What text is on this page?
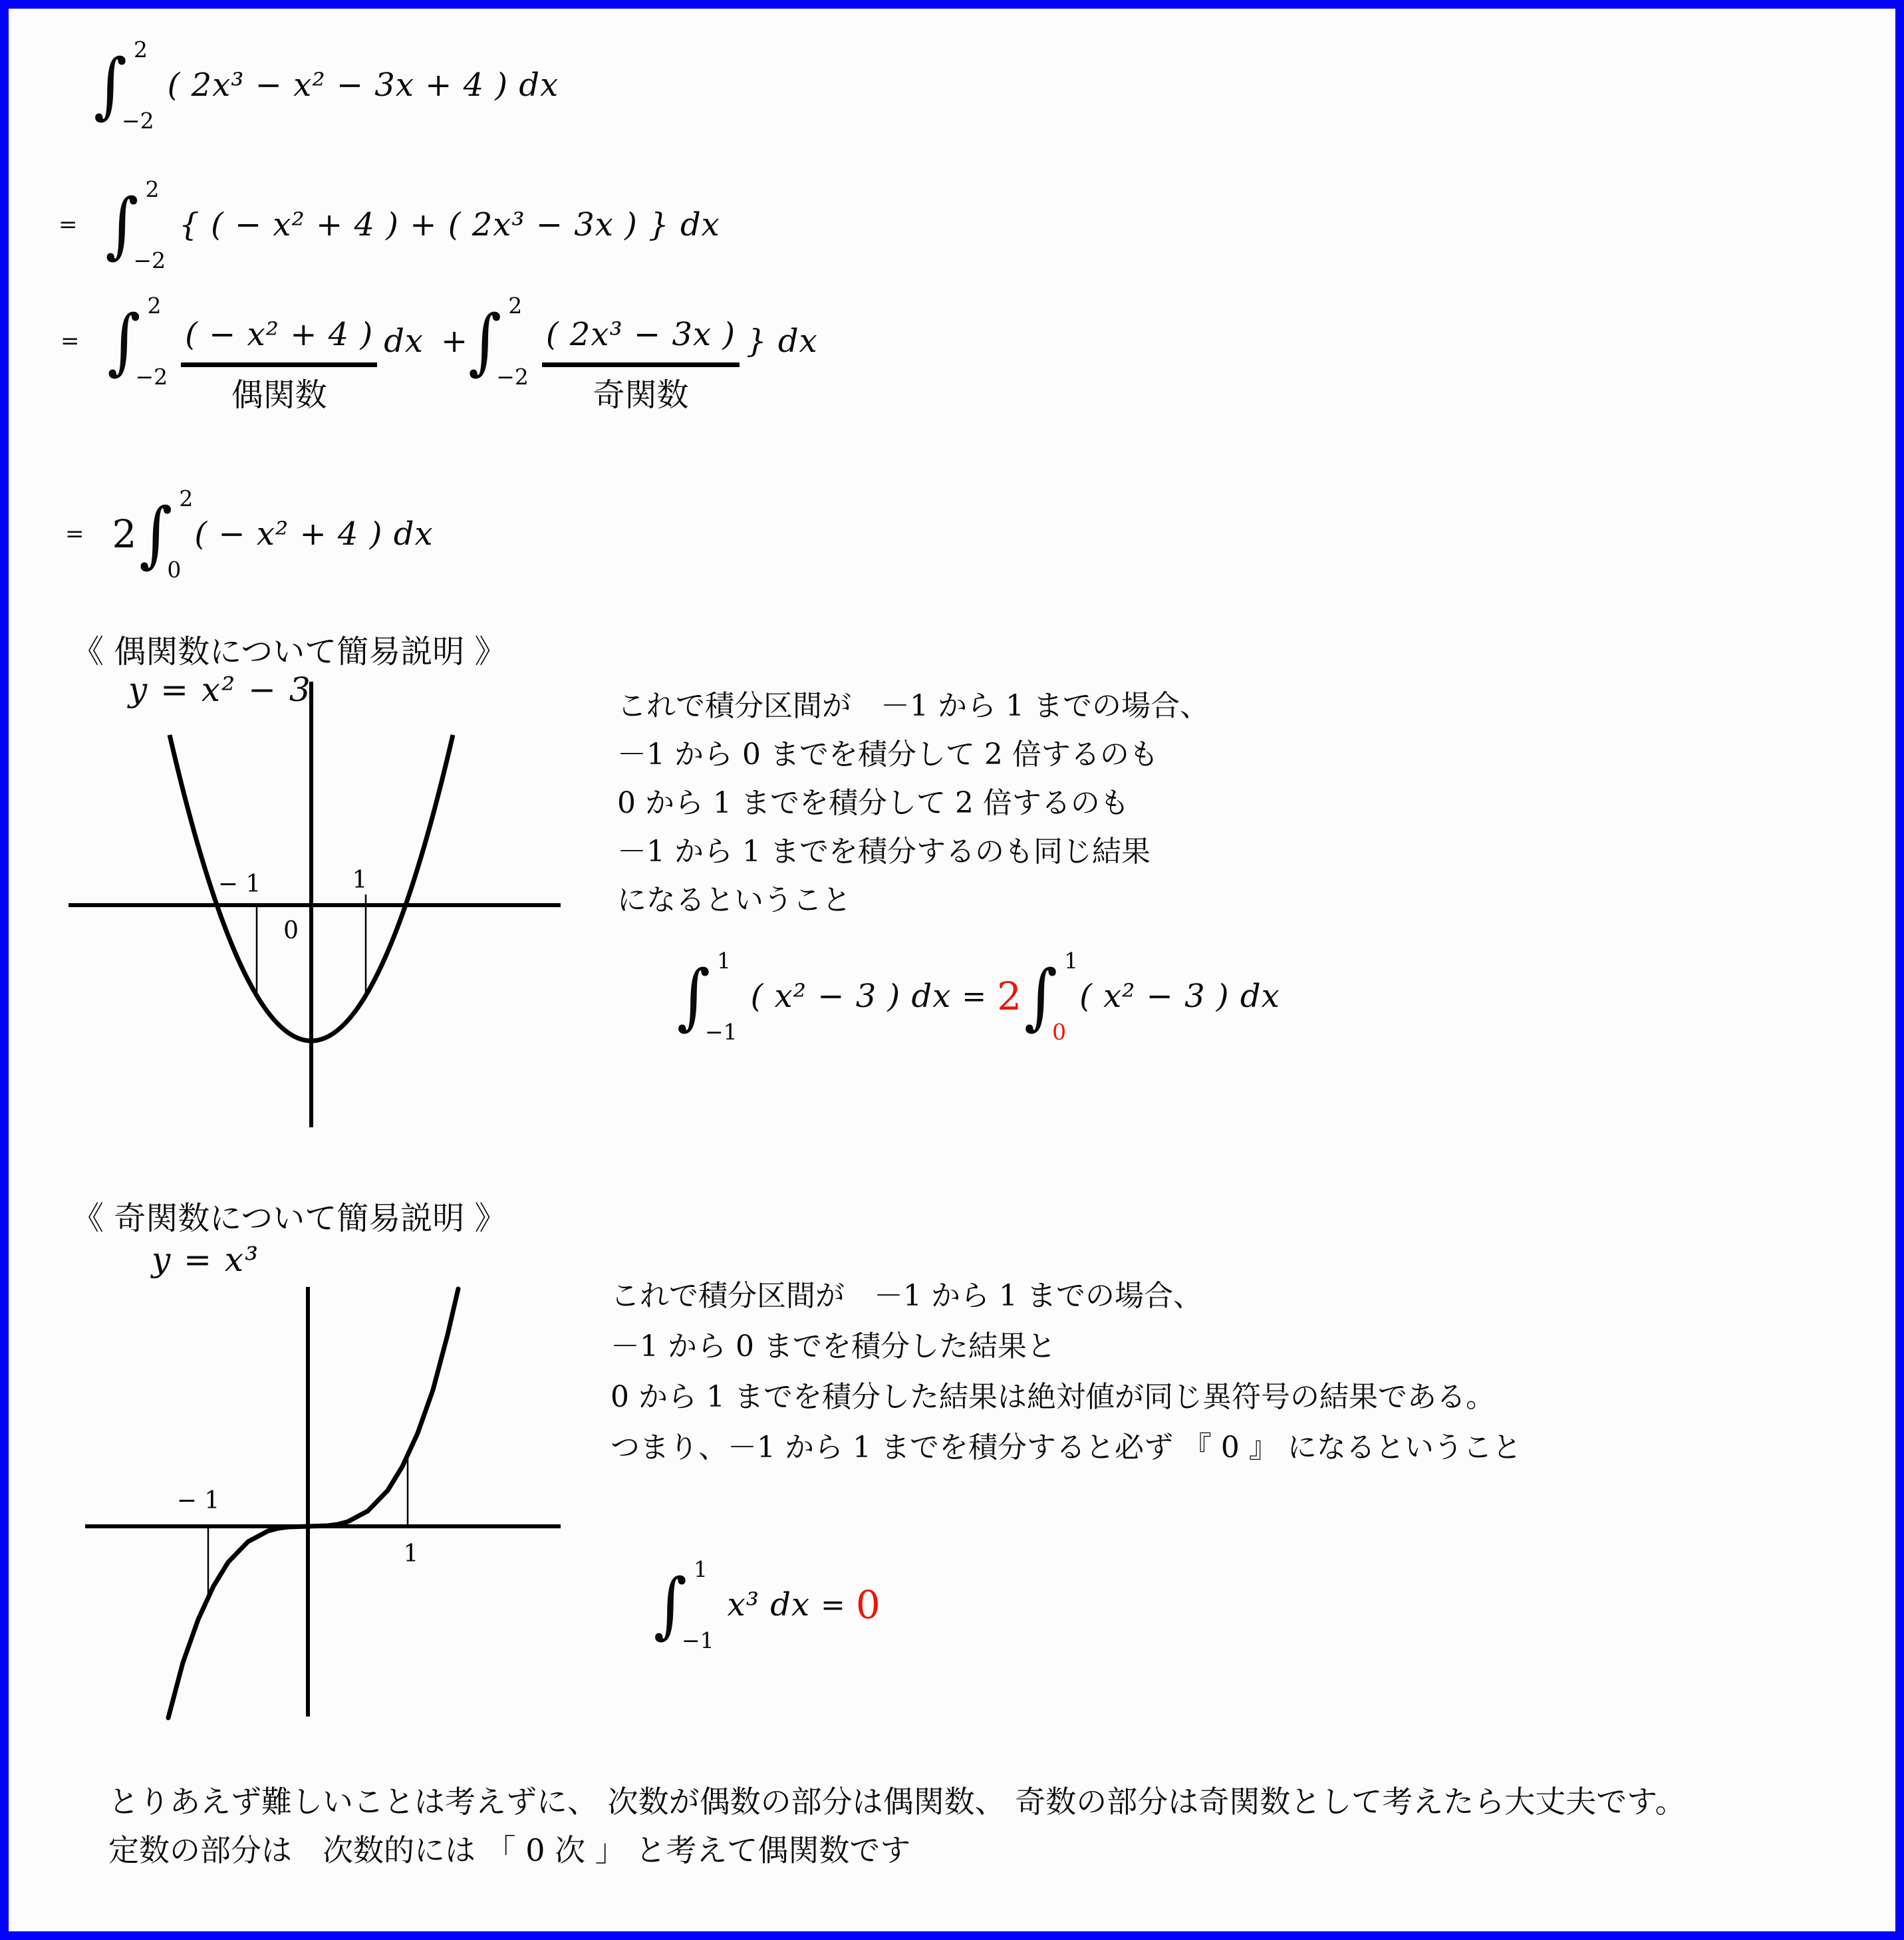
∫ 2
−2
( 2x³ − x² − 3x + 4 ) dx
= ∫ 2
−2
{ ( − x² + 4 ) + ( 2x³ − 3x ) } dx
= ∫ 2
−2
( − x² + 4 )
偶関数
dx + ∫ 2
−2
( 2x³ − 3x )
奇関数
} dx
= 2 ∫ 2
0
( − x² + 4 ) dx
《 偶関数について簡易説明 》
y = x² − 3
− 1	1
0
これで積分区間が　－1 から 1 までの場合、
－1 から 0 までを積分して 2 倍するのも
0 から 1 までを積分して 2 倍するのも
－1 から 1 までを積分するのも同じ結果
になるということ
∫ 1
−1
( x² − 3 ) dx = 2 ∫ 1
0
( x² − 3 ) dx
《 奇関数について簡易説明 》
y = x³
− 1
1
これで積分区間が　－1 から 1 までの場合、
－1 から 0 までを積分した結果と
0 から 1 までを積分した結果は絶対値が同じ異符号の結果である。
つまり、－1 から 1 までを積分すると必ず 『 0 』 になるということ
∫ 1
−1
x³ dx = 0
とりあえず難しいことは考えずに、 次数が偶数の部分は偶関数、 奇数の部分は奇関数として考えたら大丈夫です。
定数の部分は　次数的には 「 0 次 」 と考えて偶関数です
